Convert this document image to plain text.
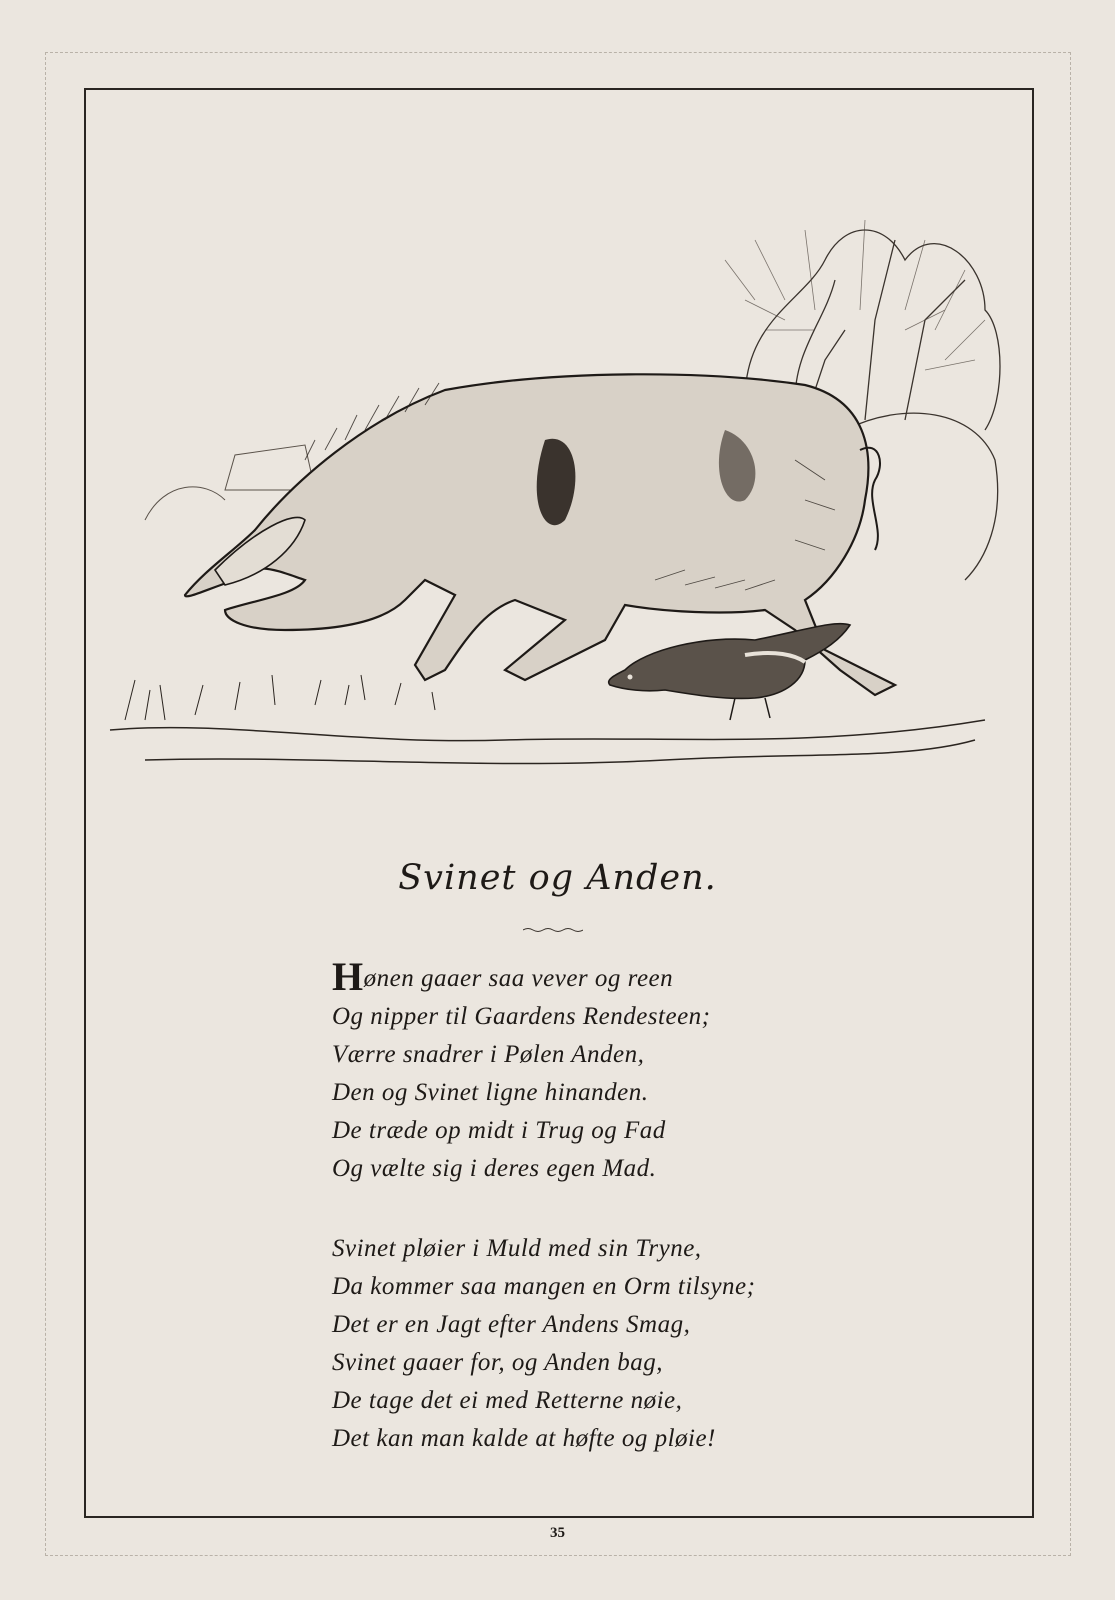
Svinet og Anden.
Hønen gaaer saa vever og reen
Og nipper til Gaardens Rendesteen;
Værre snadrer i Pølen Anden,
Den og Svinet ligne hinanden.
De træde op midt i Trug og Fad
Og vælte sig i deres egen Mad.
Svinet pløier i Muld med sin Tryne,
Da kommer saa mangen en Orm tilsyne;
Det er en Jagt efter Andens Smag,
Svinet gaaer for, og Anden bag,
De tage det ei med Retterne nøie,
Det kan man kalde at høfte og pløie!
35
